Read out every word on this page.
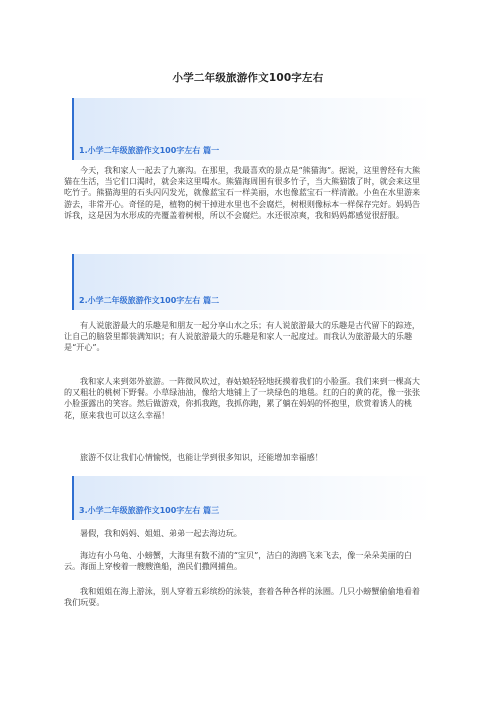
小学二年级旅游作文100字左右
1.小学二年级旅游作文100字左右 篇一

今天，我和家人一起去了九寨沟。在那里，我最喜欢的景点是“熊猫海”。据说，这里曾经有大熊猫在生活，当它们口渴时，就会来这里喝水。熊猫海周围有很多竹子，当大熊猫饿了时，就会来这里吃竹子。熊猫海里的石头闪闪发光，就像蓝宝石一样美丽，水也像蓝宝石一样清澈。小鱼在水里游来游去，非常开心。奇怪的是，植物的树干掉进水里也不会腐烂，树根则像标本一样保存完好。妈妈告诉我，这是因为水形成的壳覆盖着树根，所以不会腐烂。水还很凉爽，我和妈妈都感觉很舒服。

2.小学二年级旅游作文100字左右 篇二

有人说旅游最大的乐趣是和朋友一起分享山水之乐；有人说旅游最大的乐趣是古代留下的踪迹，让自己的脑袋里都装满知识；有人说旅游最大的乐趣是和家人一起度过。而我认为旅游最大的乐趣是“开心”。

我和家人来到郊外旅游。一阵微风吹过，春姑娘轻轻地抚摸着我们的小脸蛋。我们来到一棵高大的又粗壮的桃树下野餐。小草绿油油，像给大地铺上了一块绿色的地毯。红的白的黄的花，像一张张小脸蛋露出的笑容。然后做游戏，你抓我跑，我抓你跑，累了躺在妈妈的怀抱里，欣赏着诱人的桃花，原来我也可以这么幸福！

旅游不仅让我们心情愉悦，也能让学到很多知识，还能增加幸福感！

3.小学二年级旅游作文100字左右 篇三

暑假，我和妈妈、姐姐、弟弟一起去海边玩。

海边有小乌龟、小螃蟹，大海里有数不清的“宝贝”，洁白的海鸥飞来飞去，像一朵朵美丽的白云。海面上穿梭着一艘艘渔船，渔民们撒网捕鱼。

我和姐姐在海上游泳，别人穿着五彩缤纷的泳装，套着各种各样的泳圈。几只小螃蟹偷偷地看着我们玩耍。
